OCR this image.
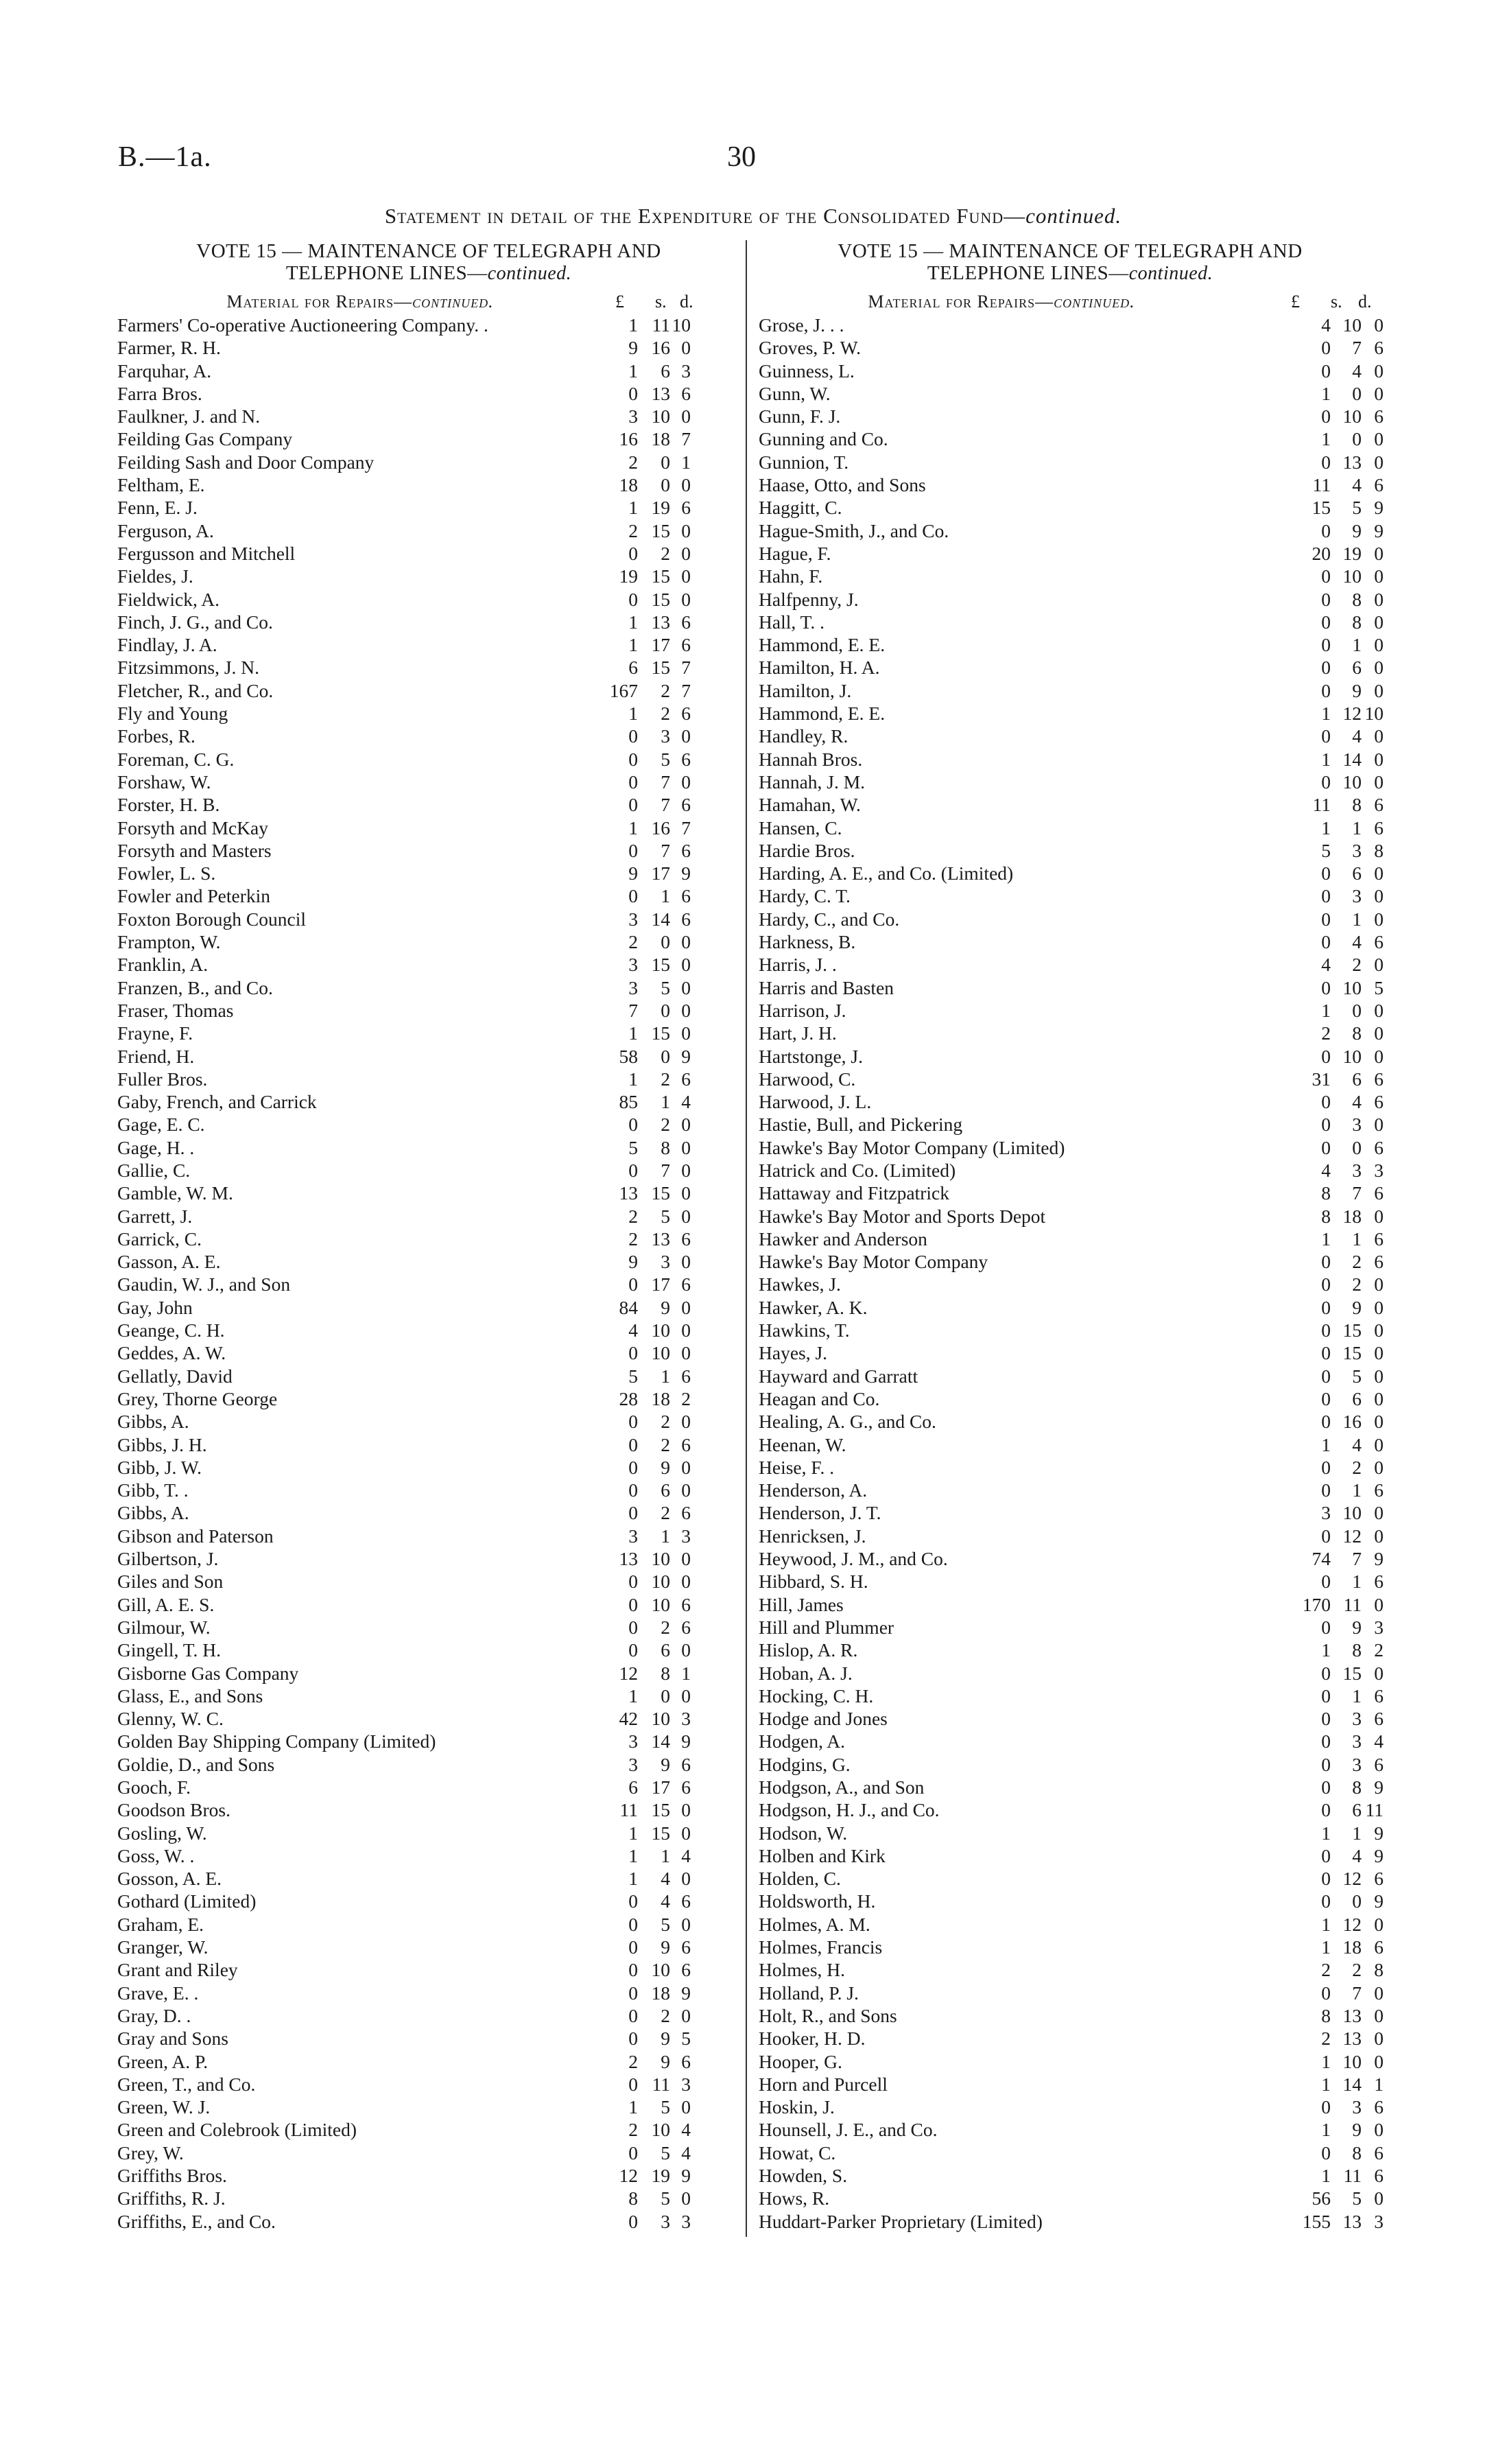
B.—1a.	30
Statement in detail of the Expenditure of the Consolidated Fund—continued.
VOTE 15 — MAINTENANCE OF TELEGRAPH AND
TELEPHONE LINES—continued.
Material for Repairs—continued.	£ s. d.
Farmers' Co-operative Auctioneering Company. .	1 11 10
Farmer, R. H.	9 16 0
Farquhar, A.	1	6 3
Farra Bros.	0 13 6
Faulkner, J. and N.	3 10 0
Feilding Gas Company	16 18 7
Feilding Sash and Door Company	2	0 1
Feltham, E.	18	0 0
Fenn, E. J.	1 19 6
Ferguson, A.	2 15 0
Fergusson and Mitchell	0	2 0
Fieldes, J.	19 15 0
Fieldwick, A.	0 15 0
Finch, J. G., and Co.	1 13 6
Findlay, J. A.	1 17 6
Fitzsimmons, J. N.	6 15 7
Fletcher, R., and Co.	167	2 7
Fly and Young	1	2 6
Forbes, R.	0	3 0
Foreman, C. G.	0	5 6
Forshaw, W.	0	7 0
Forster, H. B.	0	7 6
Forsyth and McKay	1 16 7
Forsyth and Masters	0	7 6
Fowler, L. S.	9 17 9
Fowler and Peterkin	0	1 6
Foxton Borough Council	3 14 6
Frampton, W.	2	0 0
Franklin, A.	3 15 0
Franzen, B., and Co.	3	5 0
Fraser, Thomas	7	0 0
Frayne, F.	1 15 0
Friend, H.	58	0 9
Fuller Bros.	1	2 6
Gaby, French, and Carrick	85	1 4
Gage, E. C.	0	2 0
Gage, H. .	5	8 0
Gallie, C.	0	7 0
Gamble, W. M.	13 15 0
Garrett, J.	2	5 0
Garrick, C.	2 13 6
Gasson, A. E.	9	3 0
Gaudin, W. J., and Son	0 17 6
Gay, John	84	9 0
Geange, C. H.	4 10 0
Geddes, A. W.	0 10 0
Gellatly, David	5	1 6
Grey, Thorne George	28 18 2
Gibbs, A.	0	2 0
Gibbs, J. H.	0	2 6
Gibb, J. W.	0	9 0
Gibb, T. .	0	6 0
Gibbs, A.	0	2 6
Gibson and Paterson	3	1 3
Gilbertson, J.	13 10 0
Giles and Son	0 10 0
Gill, A. E. S.	0 10 6
Gilmour, W.	0	2 6
Gingell, T. H.	0	6 0
Gisborne Gas Company	12	8 1
Glass, E., and Sons	1	0 0
Glenny, W. C.	42 10 3
Golden Bay Shipping Company (Limited)	3 14 9
Goldie, D., and Sons	3	9 6
Gooch, F.	6 17 6
Goodson Bros.	11 15 0
Gosling, W.	1 15 0
Goss, W. .	1	1 4
Gosson, A. E.	1	4 0
Gothard (Limited)	0	4 6
Graham, E.	0	5 0
Granger, W.	0	9 6
Grant and Riley	0 10 6
Grave, E. .	0 18 9
Gray, D. .	0	2 0
Gray and Sons	0	9 5
Green, A. P.	2	9 6
Green, T., and Co.	0 11 3
Green, W. J.	1	5 0
Green and Colebrook (Limited)	2 10 4
Grey, W.	0	5 4
Griffiths Bros.	12 19 9
Griffiths, R. J.	8	5 0
Griffiths, E., and Co.	0	3 3
VOTE 15 — MAINTENANCE OF TELEGRAPH AND
TELEPHONE LINES—continued.
Material for Repairs—continued.	£ s. d.
Grose, J. . .	4 10 0
Groves, P. W.	0	7 6
Guinness, L.	0	4 0
Gunn, W.	1	0 0
Gunn, F. J.	0 10 6
Gunning and Co.	1	0 0
Gunnion, T.	0 13 0
Haase, Otto, and Sons	11	4 6
Haggitt, C.	15	5 9
Hague-Smith, J., and Co.	0	9 9
Hague, F.	20 19 0
Hahn, F.	0 10 0
Halfpenny, J.	0	8 0
Hall, T. .	0	8 0
Hammond, E. E.	0	1 0
Hamilton, H. A.	0	6 0
Hamilton, J.	0	9 0
Hammond, E. E.	1 12 10
Handley, R.	0	4 0
Hannah Bros.	1 14 0
Hannah, J. M.	0 10 0
Hamahan, W.	11	8 6
Hansen, C.	1	1 6
Hardie Bros.	5	3 8
Harding, A. E., and Co. (Limited)	0	6 0
Hardy, C. T.	0	3 0
Hardy, C., and Co.	0	1 0
Harkness, B.	0	4 6
Harris, J. .	4	2 0
Harris and Basten	0 10 5
Harrison, J.	1	0 0
Hart, J. H.	2	8 0
Hartstonge, J.	0 10 0
Harwood, C.	31	6 6
Harwood, J. L.	0	4 6
Hastie, Bull, and Pickering	0	3 0
Hawke's Bay Motor Company (Limited)	0	0 6
Hatrick and Co. (Limited)	4	3 3
Hattaway and Fitzpatrick	8	7 6
Hawke's Bay Motor and Sports Depot	8 18 0
Hawker and Anderson	1	1 6
Hawke's Bay Motor Company	0	2 6
Hawkes, J.	0	2 0
Hawker, A. K.	0	9 0
Hawkins, T.	0 15 0
Hayes, J.	0 15 0
Hayward and Garratt	0	5 0
Heagan and Co.	0	6 0
Healing, A. G., and Co.	0 16 0
Heenan, W.	1	4 0
Heise, F. .	0	2 0
Henderson, A.	0	1 6
Henderson, J. T.	3 10 0
Henricksen, J.	0 12 0
Heywood, J. M., and Co.	74	7 9
Hibbard, S. H.	0	1 6
Hill, James	170 11 0
Hill and Plummer	0	9 3
Hislop, A. R.	1	8 2
Hoban, A. J.	0 15 0
Hocking, C. H.	0	1 6
Hodge and Jones	0	3 6
Hodgen, A.	0	3 4
Hodgins, G.	0	3 6
Hodgson, A., and Son	0	8 9
Hodgson, H. J., and Co.	0	6 11
Hodson, W.	1	1 9
Holben and Kirk	0	4 9
Holden, C.	0 12 6
Holdsworth, H.	0	0 9
Holmes, A. M.	1 12 0
Holmes, Francis	1 18 6
Holmes, H.	2	2 8
Holland, P. J.	0	7 0
Holt, R., and Sons	8 13 0
Hooker, H. D.	2 13 0
Hooper, G.	1 10 0
Horn and Purcell	1 14 1
Hoskin, J.	0	3 6
Hounsell, J. E., and Co.	1	9 0
Howat, C.	0	8 6
Howden, S.	1 11 6
Hows, R.	56	5 0
Huddart-Parker Proprietary (Limited)	155 13 3
